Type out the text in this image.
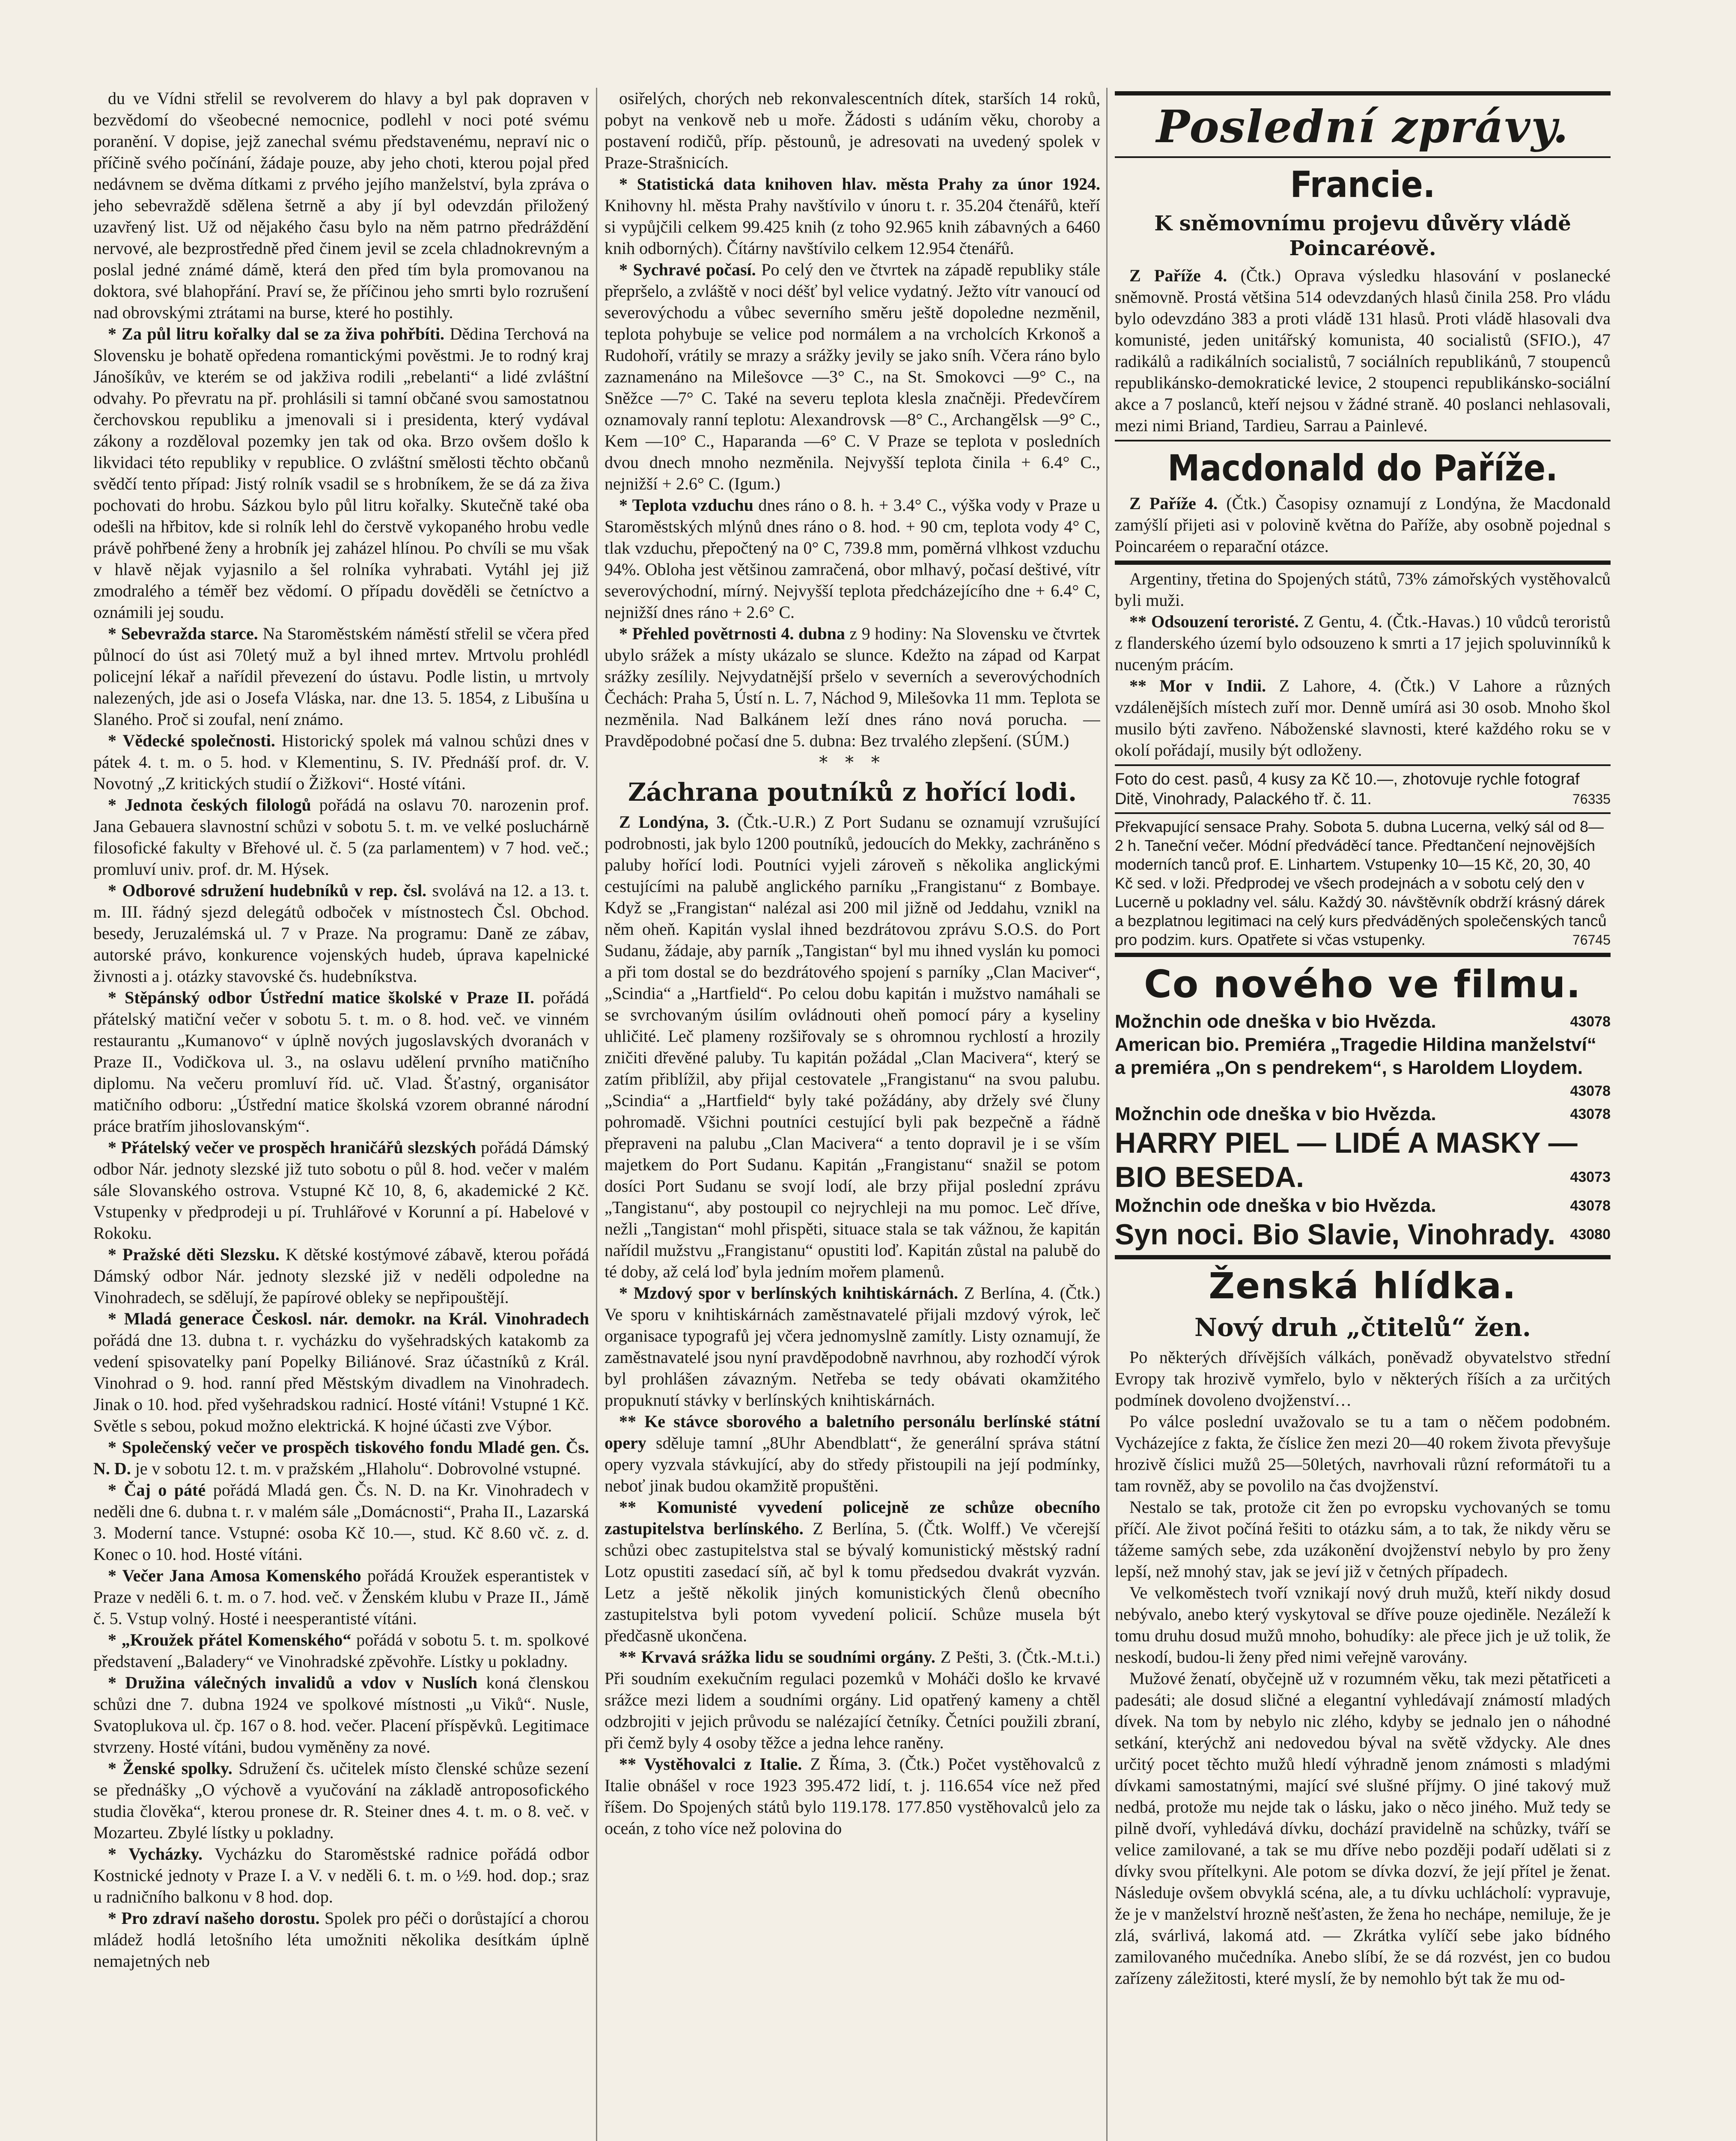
du ve Vídni střelil se revolverem do hlavy a byl pak dopraven v bezvědomí do všeobecné nemocnice, podlehl v noci poté svému poranění. V dopise, jejž zanechal svému představenému, nepraví nic o příčině svého počínání, žádaje pouze, aby jeho choti, kterou pojal před nedávnem se dvěma dítkami z prvého jejího manželství, byla zpráva o jeho sebevraždě sdělena šetrně a aby jí byl odevzdán přiložený uzavřený list. Už od nějakého času bylo na něm patrno předráždění nervové, ale bezprostředně před činem jevil se zcela chladnokrevným a poslal jedné známé dámě, která den před tím byla promovanou na doktora, své blahopřání. Praví se, že příčinou jeho smrti bylo rozrušení nad obrovskými ztrátami na burse, které ho postihly.

* Za půl litru kořalky dal se za živa pohřbíti. Dědina Terchová na Slovensku je bohatě opředena romantickými pověstmi. Je to rodný kraj Jánošíkův, ve kterém se od jakživa rodili „rebelanti“ a lidé zvláštní odvahy. Po převratu na př. prohlásili si tamní občané svou samostatnou čerchovskou republiku a jmenovali si i presidenta, který vydával zákony a rozděloval pozemky jen tak od oka. Brzo ovšem došlo k likvidaci této republiky v republice. O zvláštní smělosti těchto občanů svědčí tento případ: Jistý rolník vsadil se s hrobníkem, že se dá za živa pochovati do hrobu. Sázkou bylo půl litru kořalky. Skutečně také oba odešli na hřbitov, kde si rolník lehl do čerstvě vykopaného hrobu vedle právě pohřbené ženy a hrobník jej zaházel hlínou. Po chvíli se mu však v hlavě nějak vyjasnilo a šel rolníka vyhrabati. Vytáhl jej již zmodralého a téměř bez vědomí. O případu dověděli se četníctvo a oznámili jej soudu.

* Sebevražda starce. Na Staroměstském náměstí střelil se včera před půlnocí do úst asi 70letý muž a byl ihned mrtev. Mrtvolu prohlédl policejní lékař a nařídil převezení do ústavu. Podle listin, u mrtvoly nalezených, jde asi o Josefa Vláska, nar. dne 13. 5. 1854, z Libušína u Slaného. Proč si zoufal, není známo.

* Vědecké společnosti. Historický spolek má valnou schůzi dnes v pátek 4. t. m. o 5. hod. v Klementinu, S. IV. Přednáší prof. dr. V. Novotný „Z kritických studií o Žižkovi“. Hosté vítáni.

* Jednota českých filologů pořádá na oslavu 70. narozenin prof. Jana Gebauera slavnostní schůzi v sobotu 5. t. m. ve velké posluchárně filosofické fakulty v Břehové ul. č. 5 (za parlamentem) v 7 hod. več.; promluví univ. prof. dr. M. Hýsek.

* Odborové sdružení hudebníků v rep. čsl. svolává na 12. a 13. t. m. III. řádný sjezd delegátů odboček v místnostech Čsl. Obchod. besedy, Jeruzalémská ul. 7 v Praze. Na programu: Daně ze zábav, autorské právo, konkurence vojenských hudeb, úprava kapelnické živnosti a j. otázky stavovské čs. hudebníkstva.

* Stěpánský odbor Ústřední matice školské v Praze II. pořádá přátelský matiční večer v sobotu 5. t. m. o 8. hod. več. ve vinném restaurantu „Kumanovo“ v úplně nových jugoslavských dvoranách v Praze II., Vodičkova ul. 3., na oslavu udělení prvního matičního diplomu. Na večeru promluví říd. uč. Vlad. Šťastný, organisátor matičního odboru: „Ústřední matice školská vzorem obranné národní práce bratřím jihoslovanským“.

* Přátelský večer ve prospěch hraničářů slezských pořádá Dámský odbor Nár. jednoty slezské již tuto sobotu o půl 8. hod. večer v malém sále Slovanského ostrova. Vstupné Kč 10, 8, 6, akademické 2 Kč. Vstupenky v předprodeji u pí. Truhlářové v Korunní a pí. Habelové v Rokoku.

* Pražské děti Slezsku. K dětské kostýmové zábavě, kterou pořádá Dámský odbor Nár. jednoty slezské již v neděli odpoledne na Vinohradech, se sdělují, že papírové obleky se nepřipouštějí.

* Mladá generace Českosl. nár. demokr. na Král. Vinohradech pořádá dne 13. dubna t. r. vycházku do vyšehradských katakomb za vedení spisovatelky paní Popelky Biliánové. Sraz účastníků z Král. Vinohrad o 9. hod. ranní před Městským divadlem na Vinohradech. Jinak o 10. hod. před vyšehradskou radnicí. Hosté vítáni! Vstupné 1 Kč. Světle s sebou, pokud možno elektrická. K hojné účasti zve Výbor.

* Společenský večer ve prospěch tiskového fondu Mladé gen. Čs. N. D. je v sobotu 12. t. m. v pražském „Hlaholu“. Dobrovolné vstupné.

* Čaj o páté pořádá Mladá gen. Čs. N. D. na Kr. Vinohradech v neděli dne 6. dubna t. r. v malém sále „Domácnosti“, Praha II., Lazarská 3. Moderní tance. Vstupné: osoba Kč 10.—, stud. Kč 8.60 vč. z. d. Konec o 10. hod. Hosté vítáni.

* Večer Jana Amosa Komenského pořádá Kroužek esperantistek v Praze v neděli 6. t. m. o 7. hod. več. v Ženském klubu v Praze II., Jámě č. 5. Vstup volný. Hosté i neesperantisté vítáni.

* „Kroužek přátel Komenského“ pořádá v sobotu 5. t. m. spolkové představení „Baladery“ ve Vinohradské zpěvohře. Lístky u pokladny.

* Družina válečných invalidů a vdov v Nuslích koná členskou schůzi dne 7. dubna 1924 ve spolkové místnosti „u Viků“. Nusle, Svatoplukova ul. čp. 167 o 8. hod. večer. Placení příspěvků. Legitimace stvrzeny. Hosté vítáni, budou vyměněny za nové.

* Ženské spolky. Sdružení čs. učitelek místo členské schůze sezení se přednášky „O výchově a vyučování na základě antroposofického studia člověka“, kterou pronese dr. R. Steiner dnes 4. t. m. o 8. več. v Mozarteu. Zbylé lístky u pokladny.

* Vycházky. Vycházku do Staroměstské radnice pořádá odbor Kostnické jednoty v Praze I. a V. v neděli 6. t. m. o ½9. hod. dop.; sraz u radničního balkonu v 8 hod. dop.

* Pro zdraví našeho dorostu. Spolek pro péči o dorůstající a chorou mládež hodlá letošního léta umožniti několika desítkám úplně nemajetných neb

osiřelých, chorých neb rekonvalescentních dítek, starších 14 roků, pobyt na venkově neb u moře. Žádosti s udáním věku, choroby a postavení rodičů, příp. pěstounů, je adresovati na uvedený spolek v Praze-Strašnicích.

* Statistická data knihoven hlav. města Prahy za únor 1924. Knihovny hl. města Prahy navštívilo v únoru t. r. 35.204 čtenářů, kteří si vypůjčili celkem 99.425 knih (z toho 92.965 knih zábavných a 6460 knih odborných). Čítárny navštívilo celkem 12.954 čtenářů.

* Sychravé počasí. Po celý den ve čtvrtek na západě republiky stále přepršelo, a zvláště v noci déšť byl velice vydatný. Ježto vítr vanoucí od severovýchodu a vůbec severního směru ještě dopoledne nezměnil, teplota pohybuje se velice pod normálem a na vrcholcích Krkonoš a Rudohoří, vrátily se mrazy a srážky jevily se jako sníh. Včera ráno bylo zaznamenáno na Milešovce —3° C., na St. Smokovci —9° C., na Sněžce —7° C. Také na severu teplota klesla značněji. Předevčírem oznamovaly ranní teplotu: Alexandrovsk —8° C., Archangělsk —9° C., Kem —10° C., Haparanda —6° C. V Praze se teplota v posledních dvou dnech mnoho nezměnila. Nejvyšší teplota činila + 6.4° C., nejnižší + 2.6° C. (Igum.)

* Teplota vzduchu dnes ráno o 8. h. + 3.4° C., výška vody v Praze u Staroměstských mlýnů dnes ráno o 8. hod. + 90 cm, teplota vody 4° C, tlak vzduchu, přepočtený na 0° C, 739.8 mm, poměrná vlhkost vzduchu 94%. Obloha jest většinou zamračená, obor mlhavý, počasí deštivé, vítr severovýchodní, mírný. Nejvyšší teplota předcházejícího dne + 6.4° C, nejnižší dnes ráno + 2.6° C.

* Přehled povětrnosti 4. dubna z 9 hodiny: Na Slovensku ve čtvrtek ubylo srážek a místy ukázalo se slunce. Kdežto na západ od Karpat srážky zesílily. Nejvydatnější pršelo v severních a severovýchodních Čechách: Praha 5, Ústí n. L. 7, Náchod 9, Milešovka 11 mm. Teplota se nezměnila. Nad Balkánem leží dnes ráno nová porucha. — Pravděpodobné počasí dne 5. dubna: Bez trvalého zlepšení. (SÚM.)

* * *
Záchrana poutníků z hořící lodi.

Z Londýna, 3. (Čtk.-U.R.) Z Port Sudanu se oznamují vzrušující podrobnosti, jak bylo 1200 poutníků, jedoucích do Mekky, zachráněno s paluby hořící lodi. Poutníci vyjeli zároveň s několika anglickými cestujícími na palubě anglického parníku „Frangistanu“ z Bombaye. Když se „Frangistan“ nalézal asi 200 mil jižně od Jeddahu, vznikl na něm oheň. Kapitán vyslal ihned bezdrátovou zprávu S.O.S. do Port Sudanu, žádaje, aby parník „Tangistan“ byl mu ihned vyslán ku pomoci a při tom dostal se do bezdrátového spojení s parníky „Clan Maciver“, „Scindia“ a „Hartfield“. Po celou dobu kapitán i mužstvo namáhali se se svrchovaným úsilím ovládnouti oheň pomocí páry a kyseliny uhličité. Leč plameny rozšiřovaly se s ohromnou rychlostí a hrozily zničiti dřevěné paluby. Tu kapitán požádal „Clan Macivera“, který se zatím přiblížil, aby přijal cestovatele „Frangistanu“ na svou palubu. „Scindia“ a „Hartfield“ byly také požádány, aby držely své čluny pohromadě. Všichni poutníci cestující byli pak bezpečně a řádně přepraveni na palubu „Clan Macivera“ a tento dopravil je i se vším majetkem do Port Sudanu. Kapitán „Frangistanu“ snažil se potom dosíci Port Sudanu se svojí lodí, ale brzy přijal poslední zprávu „Tangistanu“, aby postoupil co nejrychleji na mu pomoc. Leč dříve, nežli „Tangistan“ mohl přispěti, situace stala se tak vážnou, že kapitán nařídil mužstvu „Frangistanu“ opustiti loď. Kapitán zůstal na palubě do té doby, až celá loď byla jedním mořem plamenů.

* Mzdový spor v berlínských knihtiskárnách. Z Berlína, 4. (Čtk.) Ve sporu v knihtiskárnách zaměstnavatelé přijali mzdový výrok, leč organisace typografů jej včera jednomyslně zamítly. Listy oznamují, že zaměstnavatelé jsou nyní pravděpodobně navrhnou, aby rozhodčí výrok byl prohlášen závazným. Netřeba se tedy obávati okamžitého propuknutí stávky v berlínských knihtiskárnách.

** Ke stávce sborového a baletního personálu berlínské státní opery sděluje tamní „8Uhr Abendblatt“, že generální správa státní opery vyzvala stávkující, aby do středy přistoupili na její podmínky, neboť jinak budou okamžitě propuštěni.

** Komunisté vyvedení policejně ze schůze obecního zastupitelstva berlínského. Z Berlína, 5. (Čtk. Wolff.) Ve včerejší schůzi obec zastupitelstva stal se bývalý komunistický městský radní Lotz opustiti zasedací síň, ač byl k tomu předsedou dvakrát vyzván. Letz a ještě několik jiných komunistických členů obecního zastupitelstva byli potom vyvedení policií. Schůze musela být předčasně ukončena.

** Krvavá srážka lidu se soudními orgány. Z Pešti, 3. (Čtk.-M.t.i.) Při soudním exekučním regulaci pozemků v Moháči došlo ke krvavé srážce mezi lidem a soudními orgány. Lid opatřený kameny a chtěl odzbrojiti v jejich průvodu se nalézající četníky. Četníci použili zbraní, při čemž byly 4 osoby těžce a jedna lehce raněny.

** Vystěhovalci z Italie. Z Říma, 3. (Čtk.) Počet vystěhovalců z Italie obnášel v roce 1923 395.472 lidí, t. j. 116.654 více než před říšem. Do Spojených států bylo 119.178. 177.850 vystěhovalců jelo za oceán, z toho více než polovina do

Poslední zprávy.
Francie.
K sněmovnímu projevu důvěry vládě Poincaréově.

Z Paříže 4. (Čtk.) Oprava výsledku hlasování v poslanecké sněmovně. Prostá většina 514 odevzdaných hlasů činila 258. Pro vládu bylo odevzdáno 383 a proti vládě 131 hlasů. Proti vládě hlasovali dva komunisté, jeden unitářský komunista, 40 socialistů (SFIO.), 47 radikálů a radikálních socialistů, 7 sociálních republikánů, 7 stoupenců republikánsko-demokratické levice, 2 stoupenci republikánsko-sociální akce a 7 poslanců, kteří nejsou v žádné straně. 40 poslanci nehlasovali, mezi nimi Briand, Tardieu, Sarrau a Painlevé.

Macdonald do Paříže.

Z Paříže 4. (Čtk.) Časopisy oznamují z Londýna, že Macdonald zamýšlí přijeti asi v polovině května do Paříže, aby osobně pojednal s Poincaréem o reparační otázce.

Argentiny, třetina do Spojených států, 73% zámořských vystěhovalců byli muži.

** Odsouzení teroristé. Z Gentu, 4. (Čtk.-Havas.) 10 vůdců teroristů z flanderského území bylo odsouzeno k smrti a 17 jejich spoluvinníků k nuceným prácím.

** Mor v Indii. Z Lahore, 4. (Čtk.) V Lahore a různých vzdálenějších místech zuří mor. Denně umírá asi 30 osob. Mnoho škol musilo býti zavřeno. Náboženské slavnosti, které každého roku se v okolí pořádají, musily být odloženy.

Foto do cest. pasů, 4 kusy za Kč 10.—, zhotovuje rychle fotograf Ditě, Vinohrady, Palackého tř. č. 11.	76335
Překvapující sensace Prahy. Sobota 5. dubna Lucerna, velký sál od 8—2 h. Taneční večer. Módní předváděcí tance. Předtančení nejnovějších moderních tanců prof. E. Linhartem. Vstupenky 10—15 Kč, 20, 30, 40 Kč sed. v loži. Předprodej ve všech prodejnách a v sobotu celý den v Lucerně u pokladny vel. sálu. Každý 30. návštěvník obdrží krásný dárek a bezplatnou legitimaci na celý kurs předváděných společenských tanců pro podzim. kurs. Opatřete si včas vstupenky.	76745
Co nového ve filmu.
Možnchin ode dneška v bio Hvězda.	43078
American bio. Premiéra „Tragedie Hildina manželství“ a premiéra „On s pendrekem“, s Haroldem Lloydem.
43078
Možnchin ode dneška v bio Hvězda.	43078
HARRY PIEL — LIDÉ A MASKY — BIO BESEDA.	43073
Možnchin ode dneška v bio Hvězda.	43078
Syn noci. Bio Slavie, Vinohrady. 43080
Ženská hlídka.
Nový druh „čtitelů“ žen.

Po některých dřívějších válkách, poněvadž obyvatelstvo střední Evropy tak hrozivě vymřelo, bylo v některých říších a za určitých podmínek dovoleno dvojženství…

Po válce poslední uvažovalo se tu a tam o něčem podobném. Vycházejíce z fakta, že číslice žen mezi 20—40 rokem života převyšuje hrozivě číslici mužů 25—50letých, navrhovali různí reformátoři tu a tam rovněž, aby se povolilo na čas dvojženství.

Nestalo se tak, protože cit žen po evropsku vychovaných se tomu příčí. Ale život počíná řešiti to otázku sám, a to tak, že nikdy věru se tážeme samých sebe, zda uzákonění dvojženství nebylo by pro ženy lepší, než mnohý stav, jak se jeví již v četných případech.

Ve velkoměstech tvoří vznikají nový druh mužů, kteří nikdy dosud nebývalo, anebo který vyskytoval se dříve pouze ojediněle. Nezáleží k tomu druhu dosud mužů mnoho, bohudíky: ale přece jich je už tolik, že neskodí, budou-li ženy před nimi veřejně varovány.

Mužové ženatí, obyčejně už v rozumném věku, tak mezi pětatřiceti a padesáti; ale dosud sličné a elegantní vyhledávají známostí mladých dívek. Na tom by nebylo nic zlého, kdyby se jednalo jen o náhodné setkání, kterýchž ani nedovedou býval na světě vždycky. Ale dnes určitý pocet těchto mužů hledí výhradně jenom známosti s mladými dívkami samostatnými, mající své slušné příjmy. O jiné takový muž nedbá, protože mu nejde tak o lásku, jako o něco jiného. Muž tedy se pilně dvoří, vyhledává dívku, dochází pravidelně na schůzky, tváří se velice zamilované, a tak se mu dříve nebo později podaří udělati si z dívky svou přítelkyni. Ale potom se dívka dozví, že její přítel je ženat. Následuje ovšem obvyklá scéna, ale, a tu dívku uchlácholí: vypravuje, že je v manželství hrozně nešťasten, že žena ho nechápe, nemiluje, že je zlá, svárlivá, lakomá atd. — Zkrátka vylíčí sebe jako bídného zamilovaného mučedníka. Anebo slíbí, že se dá rozvést, jen co budou zařízeny záležitosti, které myslí, že by nemohlo být tak že mu od-
